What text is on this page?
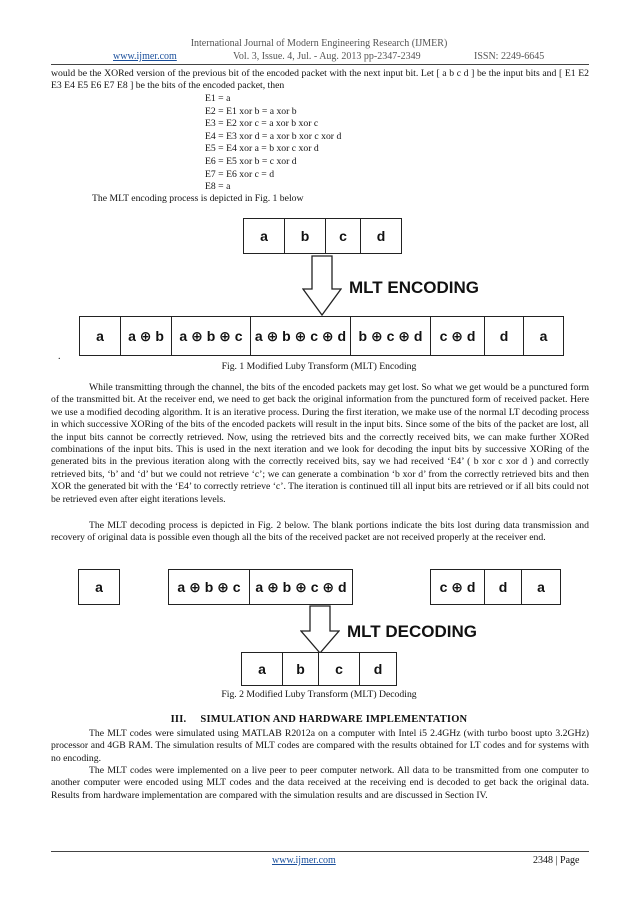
International Journal of Modern Engineering Research (IJMER)
www.ijmer.com	Vol. 3, Issue. 4, Jul. - Aug. 2013 pp-2347-2349	ISSN: 2249-6645
would be the XORed version of the previous bit of the encoded packet with the next input bit. Let [ a b c d ] be the input bits and [ E1 E2 E3 E4 E5 E6 E7 E8 ] be the bits of the encoded packet, then
E1 = a
E2 = E1 xor b = a xor b
E3 = E2 xor c = a xor b xor c
E4 = E3 xor d = a xor b xor c xor d
E5 = E4 xor a = b xor c xor d
E6 = E5 xor b = c xor d
E7 = E6 xor c = d
E8 = a
The MLT encoding process is depicted in Fig. 1 below
a	b	c	d
MLT ENCODING
a	a ⊕ b	a ⊕ b ⊕ c a ⊕ b ⊕ c ⊕ d b ⊕ c ⊕ d	c ⊕ d	d	a
.
Fig. 1 Modified Luby Transform (MLT) Encoding
While transmitting through the channel, the bits of the encoded packets may get lost. So what we get would be a punctured form of the transmitted bit. At the receiver end, we need to get back the original information from the punctured form of received packet. Here we use a modified decoding algorithm. It is an iterative process. During the first iteration, we make use of the normal LT decoding process in which successive XORing of the bits of the encoded packets will result in the input bits. Since some of the bits of the packet are lost, all the input bits cannot be correctly retrieved. Now, using the retrieved bits and the correctly received bits, we can make further XORed combinations of the input bits. This is used in the next iteration and we look for decoding the input bits by successive XORing of the generated bits in the previous iteration along with the correctly received bits, say we had received ‘E4’ ( b xor c xor d ) and correctly retrieved bits, ‘b’ and ‘d’ but we could not retrieve ‘c’; we can generate a combination ‘b xor d’ from the correctly retrieved bits and then XOR the generated bit with the ‘E4’ to correctly retrieve ‘c’. The iteration is continued till all input bits are retrieved or if all bits could not be retrieved even after eight iterations levels.
The MLT decoding process is depicted in Fig. 2 below. The blank portions indicate the bits lost during data transmission and recovery of original data is possible even though all the bits of the received packet are not received properly at the receiver end.
a	a ⊕ b ⊕ c	a ⊕ b ⊕ c ⊕ d	c ⊕ d	d	a
MLT DECODING
a	b	c	d
Fig. 2 Modified Luby Transform (MLT) Decoding
III.     SIMULATION AND HARDWARE IMPLEMENTATION
The MLT codes were simulated using MATLAB R2012a on a computer with Intel i5 2.4GHz (with turbo boost upto 3.2GHz) processor and 4GB RAM. The simulation results of MLT codes are compared with the results obtained for LT codes and for systems with no encoding.
The MLT codes were implemented on a live peer to peer computer network. All data to be transmitted from one computer to another computer were encoded using MLT codes and the data received at the receiving end is decoded to get back the original data. Results from hardware implementation are compared with the simulation results and are discussed in Section IV.
www.ijmer.com	2348 | Page
